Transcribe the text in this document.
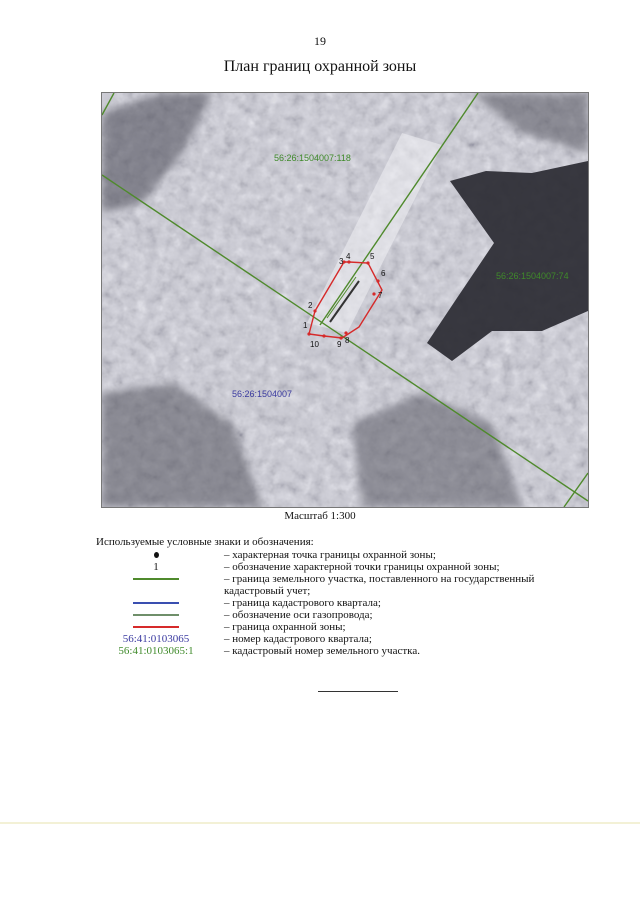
19
План границ охранной зоны
1
2
3
4 5
6
7
8
9
10
56:26:1504007:118
56:26:1504007:74
56:26:1504007
Масштаб 1:300
Используемые условные знаки и обозначения:
– характерная точка границы охранной зоны;
1	– обозначение характерной точки границы охранной зоны;
– граница земельного участка, поставленного на государственный кадастровый учет;
– граница кадастрового квартала;
– обозначение оси газопровода;
– граница охранной зоны;
56:41:0103065	– номер кадастрового квартала;
56:41:0103065:1	– кадастровый номер земельного участка.
